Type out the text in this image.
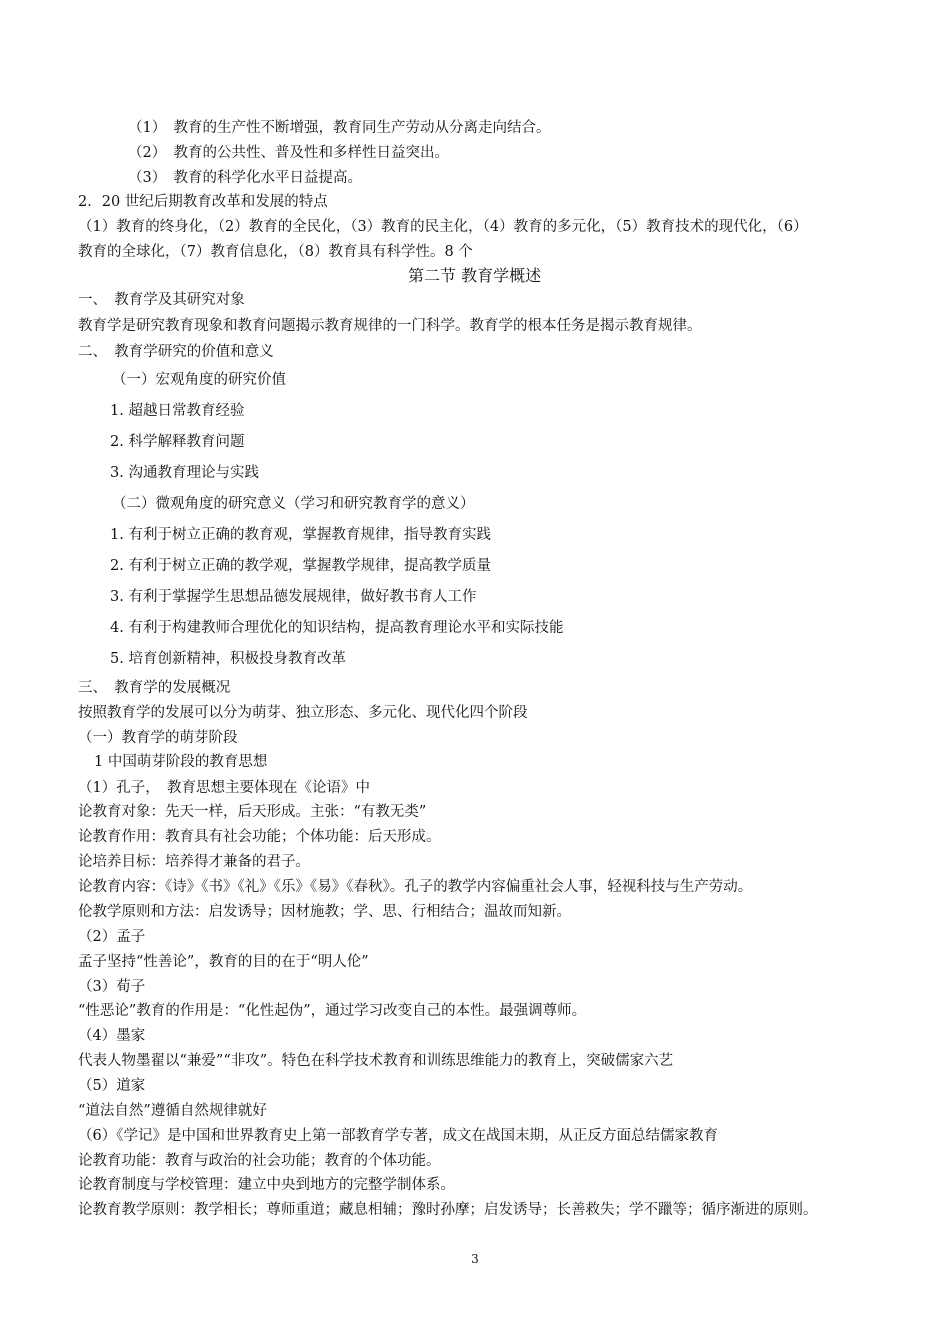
（1）　教育的生产性不断增强，教育同生产劳动从分离走向结合。
（2）　教育的公共性、普及性和多样性日益突出。
（3）　教育的科学化水平日益提高。
2．20 世纪后期教育改革和发展的特点
（1）教育的终身化，（2）教育的全民化，（3）教育的民主化，（4）教育的多元化，（5）教育技术的现代化，（6）
教育的全球化，（7）教育信息化，（8）教育具有科学性。8 个
第二节 教育学概述
一、　教育学及其研究对象
教育学是研究教育现象和教育问题揭示教育规律的一门科学。教育学的根本任务是揭示教育规律。
二、　教育学研究的价值和意义
（一）宏观角度的研究价值
1. 超越日常教育经验
2. 科学解释教育问题
3. 沟通教育理论与实践
（二）微观角度的研究意义（学习和研究教育学的意义）
1. 有利于树立正确的教育观，掌握教育规律，指导教育实践
2. 有利于树立正确的教学观，掌握教学规律，提高教学质量
3. 有利于掌握学生思想品德发展规律，做好教书育人工作
4. 有利于构建教师合理优化的知识结构，提高教育理论水平和实际技能
5. 培育创新精神，积极投身教育改革
三、　教育学的发展概况
按照教育学的发展可以分为萌芽、独立形态、多元化、现代化四个阶段
（一）教育学的萌芽阶段
1 中国萌芽阶段的教育思想
（1）孔子，　教育思想主要体现在《论语》中
论教育对象：先天一样，后天形成。主张：“有教无类”
论教育作用：教育具有社会功能；个体功能：后天形成。
论培养目标：培养得才兼备的君子。
论教育内容：《诗》《书》《礼》《乐》《易》《春秋》。孔子的教学内容偏重社会人事，轻视科技与生产劳动。
伦教学原则和方法：启发诱导；因材施教；学、思、行相结合；温故而知新。
（2）孟子
孟子坚持“性善论”，教育的目的在于“明人伦”
（3）荀子
“性恶论”教育的作用是：“化性起伪”，通过学习改变自己的本性。最强调尊师。
（4）墨家
代表人物墨翟以“兼爱”“非攻”。特色在科学技术教育和训练思维能力的教育上，突破儒家六艺
（5）道家
“道法自然”遵循自然规律就好
（6）《学记》是中国和世界教育史上第一部教育学专著，成文在战国末期，从正反方面总结儒家教育
论教育功能：教育与政治的社会功能；教育的个体功能。
论教育制度与学校管理：建立中央到地方的完整学制体系。
论教育教学原则：教学相长；尊师重道；藏息相辅；豫时孙摩；启发诱导；长善救失；学不躐等；循序渐进的原则。
3
